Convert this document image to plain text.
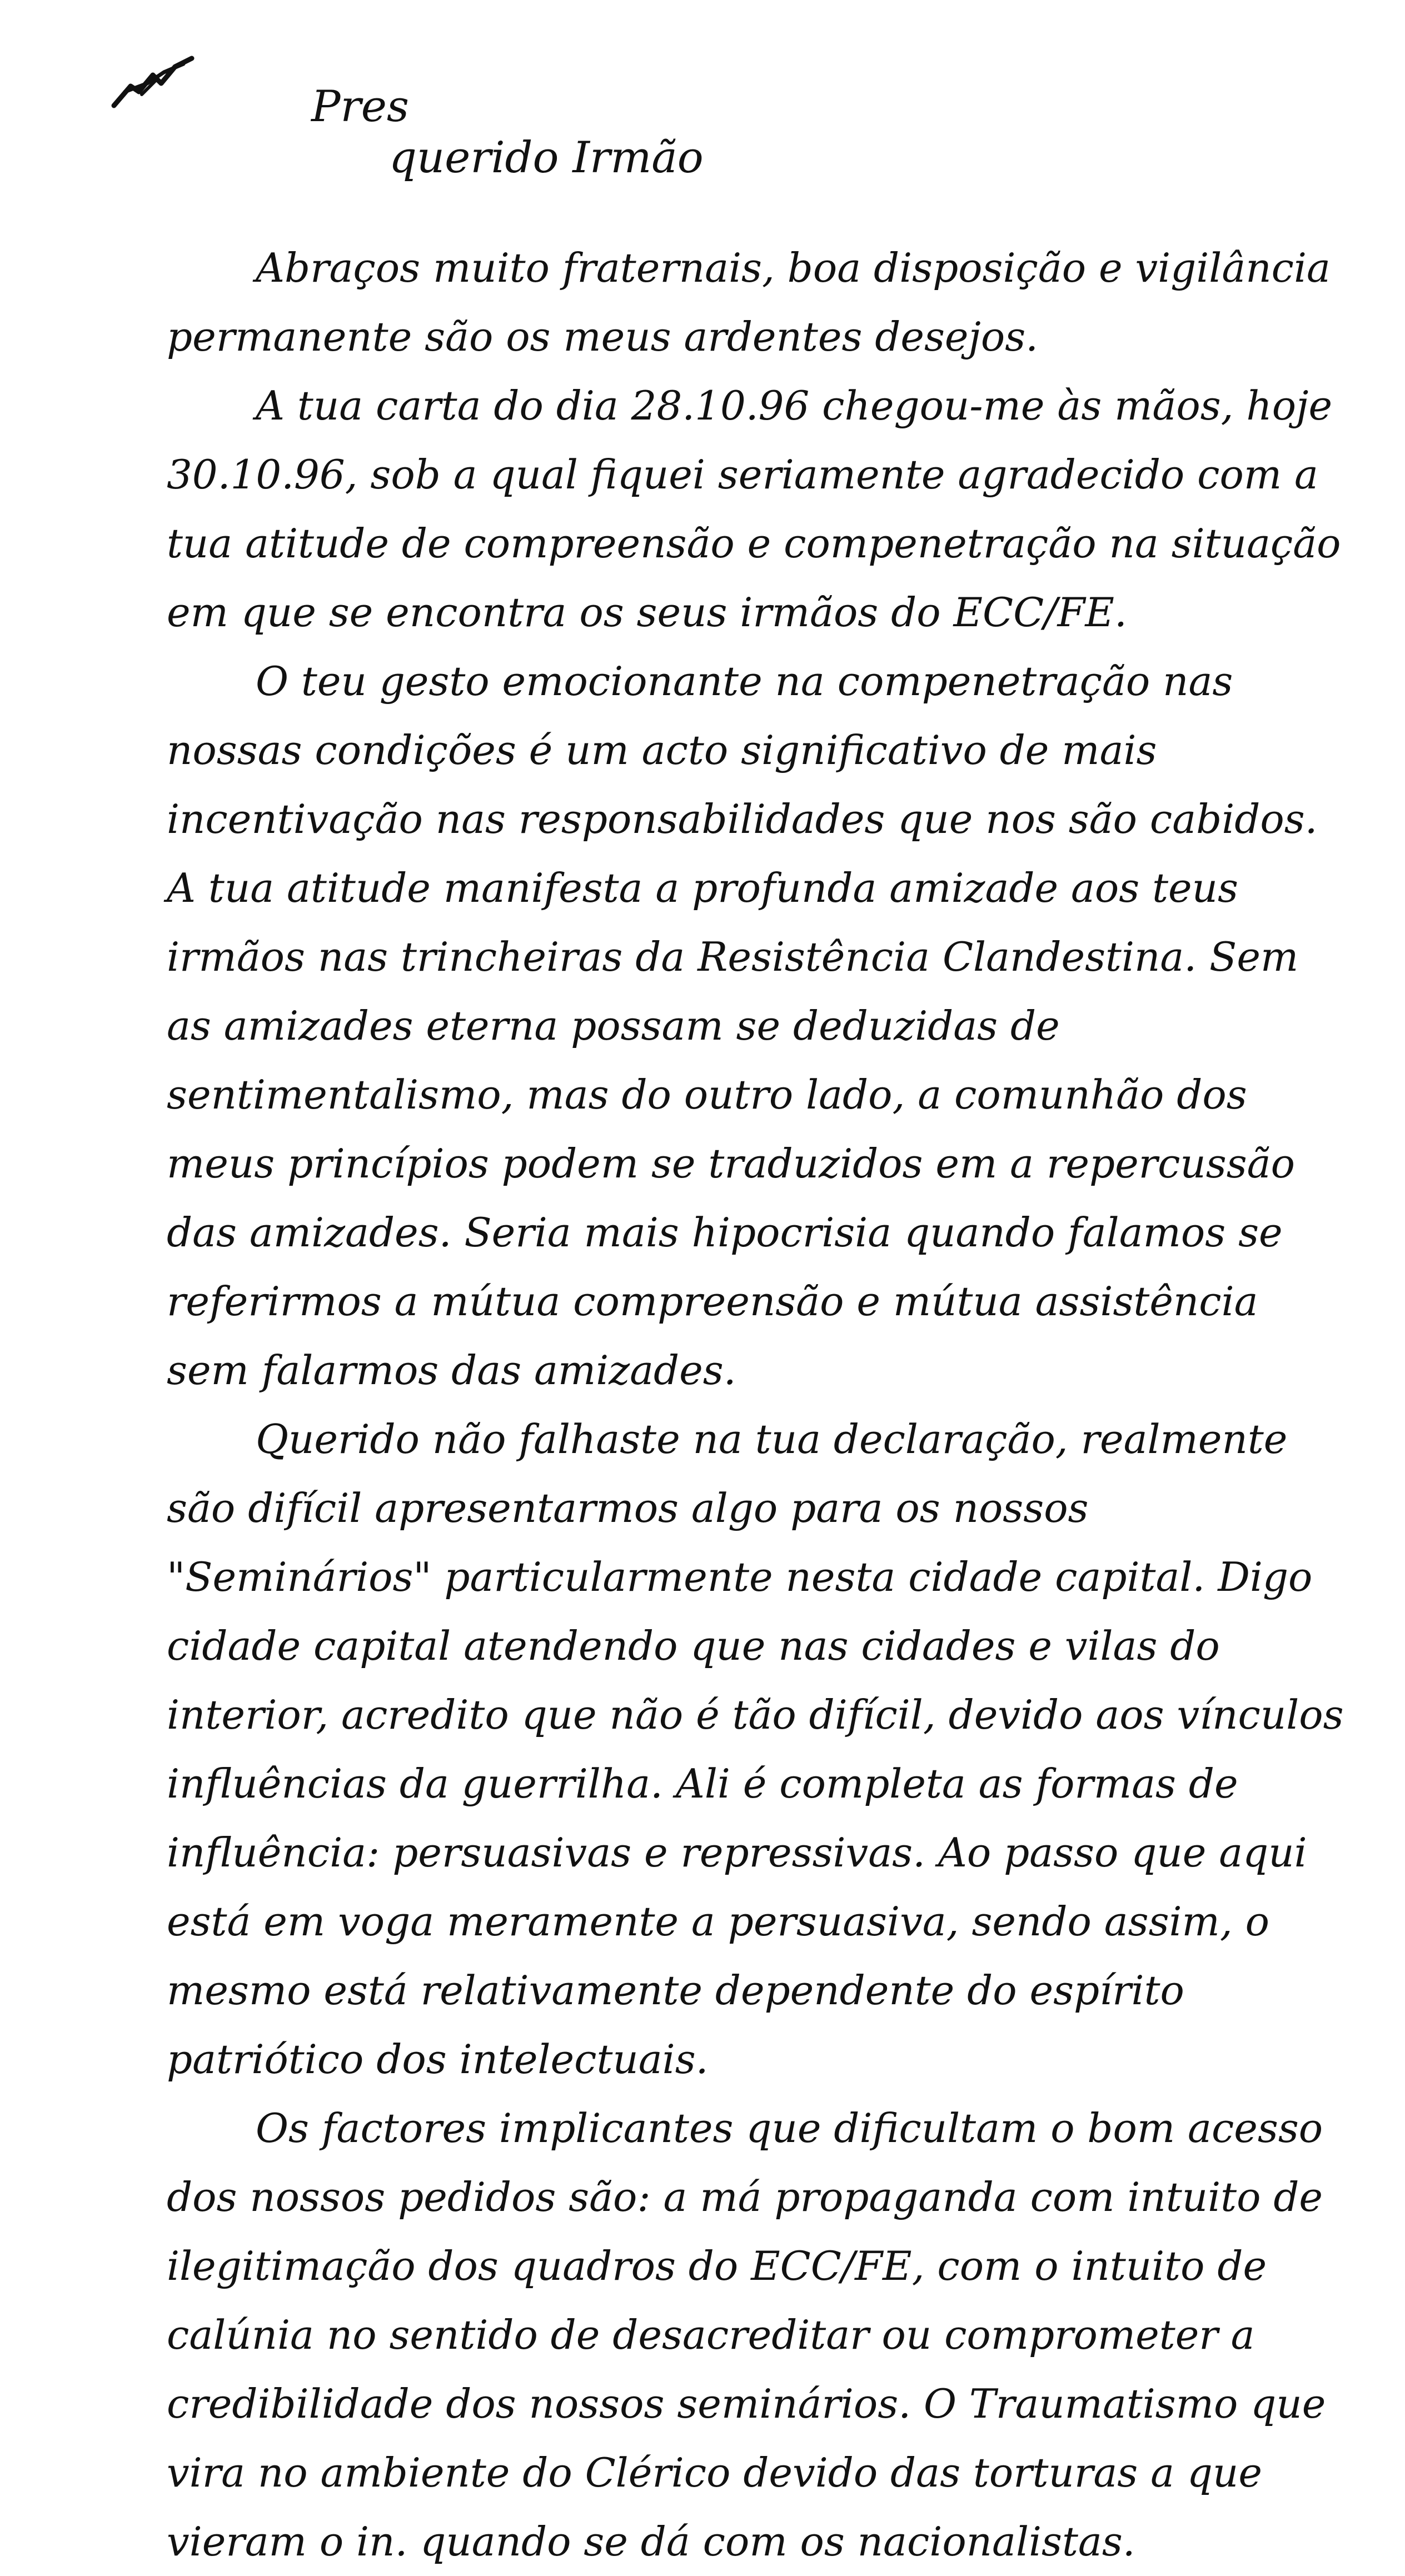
Pres
querido Irmão

Abraços muito fraternais, boa disposição e vigilância permanente são os meus ardentes desejos.

A tua carta do dia 28.10.96 chegou-me às mãos, hoje 30.10.96, sob a qual fiquei seriamente agradecido com a tua atitude de compreensão e compenetração na situação em que se encontra os seus irmãos do ECC/FE.

O teu gesto emocionante na compenetração nas nossas condições é um acto significativo de mais incentivação nas responsabilidades que nos são cabidos. A tua atitude manifesta a profunda amizade aos teus irmãos nas trincheiras da Resistência Clandestina. Sem as amizades eterna possam se deduzidas de sentimentalismo, mas do outro lado, a comunhão dos meus princípios podem se traduzidos em a repercussão das amizades. Seria mais hipocrisia quando falamos se referirmos a mútua compreensão e mútua assistência sem falarmos das amizades.

Querido não falhaste na tua declaração, realmente são difícil apresentarmos algo para os nossos "Seminários" particularmente nesta cidade capital. Digo cidade capital atendendo que nas cidades e vilas do interior, acredito que não é tão difícil, devido aos vínculos influências da guerrilha. Ali é completa as formas de influência: persuasivas e repressivas. Ao passo que aqui está em voga meramente a persuasiva, sendo assim, o mesmo está relativamente dependente do espírito patriótico dos intelectuais.

Os factores implicantes que dificultam o bom acesso dos nossos pedidos são: a má propaganda com intuito de ilegitimação dos quadros do ECC/FE, com o intuito de calúnia no sentido de desacreditar ou comprometer a credibilidade dos nossos seminários. O Traumatismo que vira no ambiente do Clérico devido das torturas a que vieram o in. quando se dá com os nacionalistas.
